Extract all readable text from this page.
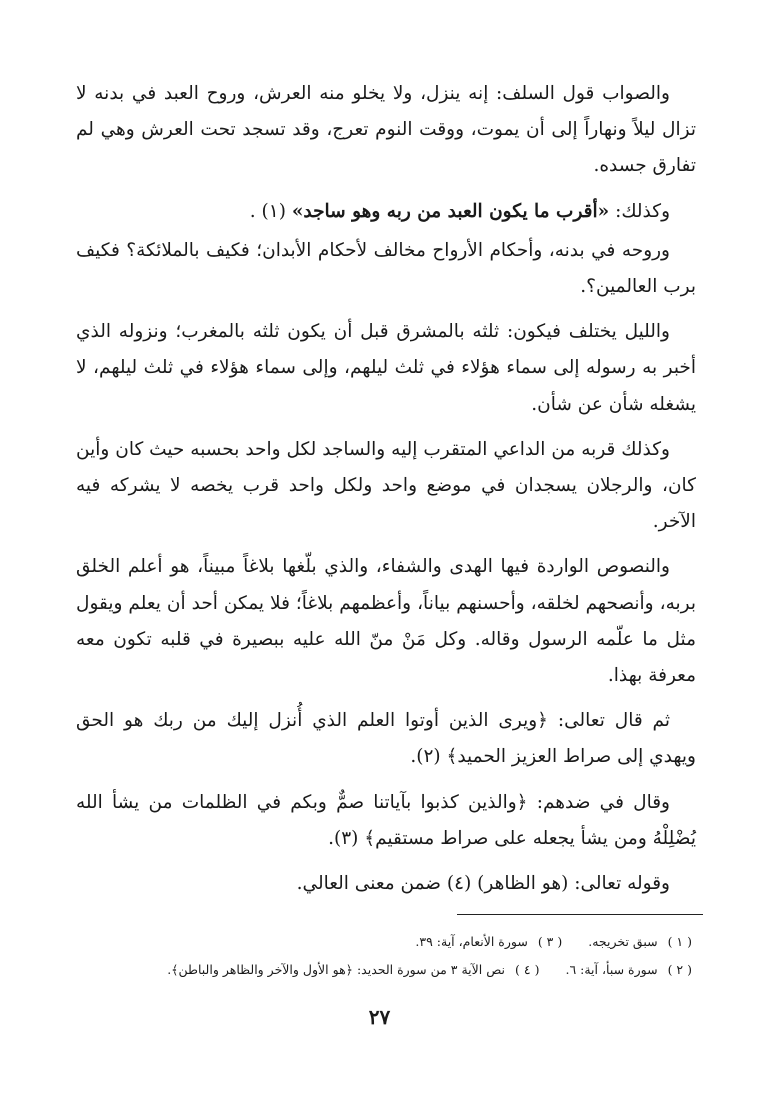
والصواب قول السلف: إنه ينزل، ولا يخلو منه العرش، وروح العبد في بدنه لا تزال ليلاً ونهاراً إلى أن يموت، ووقت النوم تعرج، وقد تسجد تحت العرش وهي لم تفارق جسده.

وكذلك: «أقرب ما يكون العبد من ربه وهو ساجد» (١) .

وروحه في بدنه، وأحكام الأرواح مخالف لأحكام الأبدان؛ فكيف بالملائكة؟ فكيف برب العالمين؟.

والليل يختلف فيكون: ثلثه بالمشرق قبل أن يكون ثلثه بالمغرب؛ ونزوله الذي أخبر به رسوله إلى سماء هؤلاء في ثلث ليلهم، وإلى سماء هؤلاء في ثلث ليلهم، لا يشغله شأن عن شأن.

وكذلك قربه من الداعي المتقرب إليه والساجد لكل واحد بحسبه حيث كان وأين كان، والرجلان يسجدان في موضع واحد ولكل واحد قرب يخصه لا يشركه فيه الآخر.

والنصوص الواردة فيها الهدى والشفاء، والذي بلّغها بلاغاً مبيناً، هو أعلم الخلق بربه، وأنصحهم لخلقه، وأحسنهم بياناً، وأعظمهم بلاغاً؛ فلا يمكن أحد أن يعلم ويقول مثل ما علّمه الرسول وقاله. وكل مَنْ منّ الله عليه ببصيرة في قلبه تكون معه معرفة بهذا.

ثم قال تعالى: ﴿ويرى الذين أوتوا العلم الذي أُنزل إليك من ربك هو الحق ويهدي إلى صراط العزيز الحميد﴾ (٢).

وقال في ضدهم: ﴿والذين كذبوا بآياتنا صمٌّ وبكم في الظلمات من يشأ الله يُضْلِلْهُ ومن يشأ يجعله على صراط مستقيم﴾ (٣).

وقوله تعالى: (هو الظاهر) (٤) ضمن معنى العالي.

( ١ )
سبق تخريجه.
( ٣ )
سورة الأنعام، آية: ٣٩.
( ٢ )
سورة سبأ، آية: ٦.
( ٤ )
نص الآية ٣ من سورة الحديد: ﴿هو الأول والآخر والظاهر والباطن﴾.
٢٧
